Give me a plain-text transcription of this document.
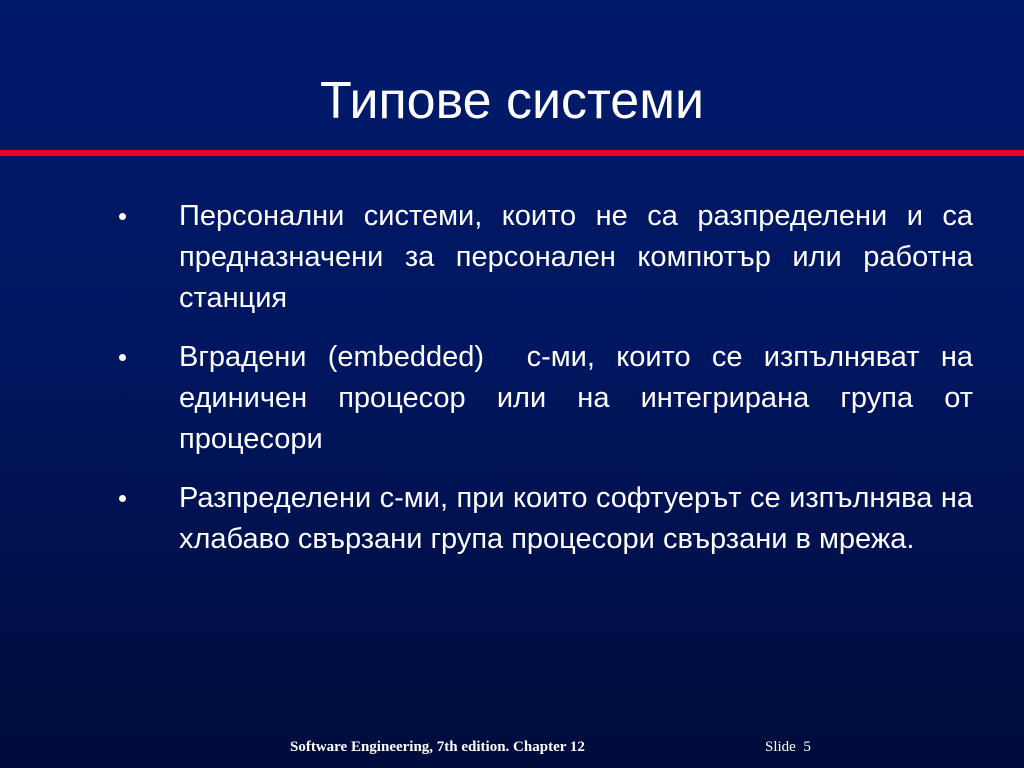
Типове системи
Персонални системи, които не са разпределени и са предназначени за персонален компютър или работна станция
Вградени (embedded)  с-ми, които се изпълняват на единичен процесор или на интегрирана група от процесори
Разпределени с-ми, при които софтуерът се изпълнява на хлабаво свързани група процесори свързани в мрежа.
Software Engineering, 7th edition. Chapter 12	Slide 5
